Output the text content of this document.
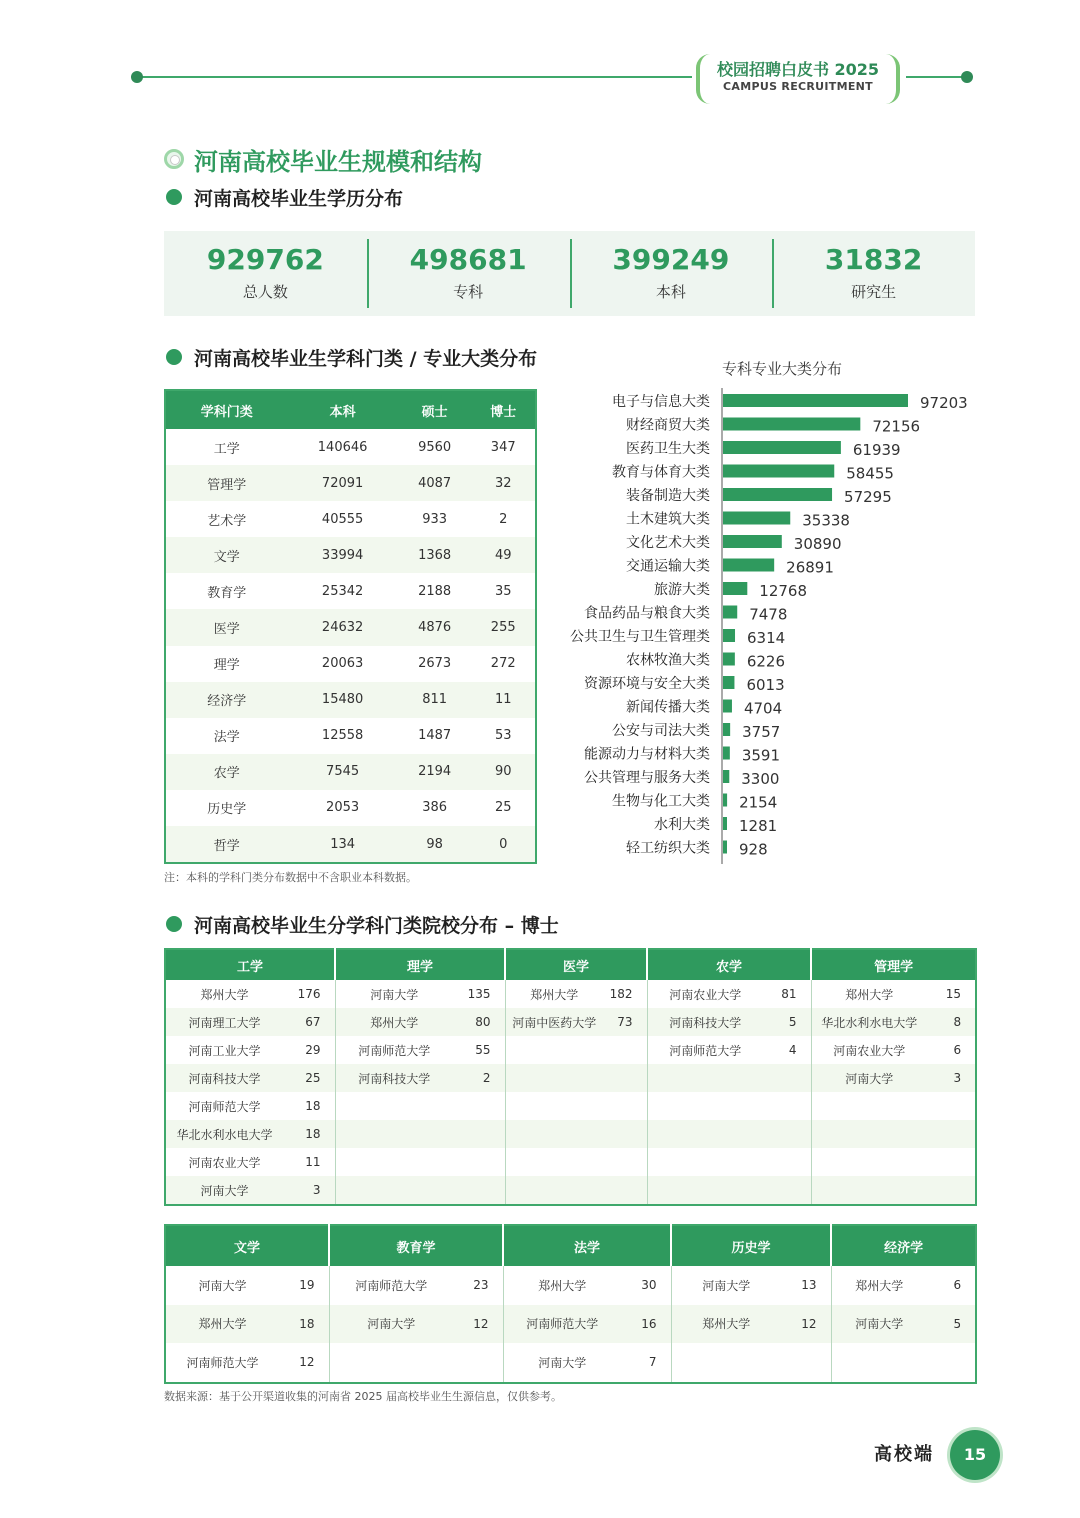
校园招聘白皮书 2025
CAMPUS RECRUITMENT
河南高校毕业生规模和结构
河南高校毕业生学历分布
929762
总人数
498681
专科
399249
本科
31832
研究生
河南高校毕业生学科门类 / 专业大类分布
学科门类	本科	硕士	博士
工学	140646	9560	347
管理学	72091	4087	32
艺术学	40555	933	2
文学	33994	1368	49
教育学	25342	2188	35
医学	24632	4876	255
理学	20063	2673	272
经济学	15480	811	11
法学	12558	1487	53
农学	7545	2194	90
历史学	2053	386	25
哲学	134	98	0
注：本科的学科门类分布数据中不含职业本科数据。
专科专业大类分布
电子与信息大类	97203
财经商贸大类	72156
医药卫生大类	61939
教育与体育大类	58455
装备制造大类	57295
土木建筑大类	35338
文化艺术大类	30890
交通运输大类	26891
旅游大类	12768
食品药品与粮食大类	7478
公共卫生与卫生管理类 6314
农林牧渔大类 6226
资源环境与安全大类 6013
新闻传播大类 4704
公安与司法大类 3757
能源动力与材料大类 3591
公共管理与服务大类 3300
生物与化工大类 2154
水利大类 1281
轻工纺织大类 928
河南高校毕业生分学科门类院校分布 – 博士
工学		理学		医学		农学		管理学	
郑州大学	176	河南大学	135	郑州大学	182	河南农业大学	81	郑州大学	15
河南理工大学	67	郑州大学	80	河南中医药大学	73	河南科技大学	5	华北水利水电大学	8
河南工业大学	29	河南师范大学	55			河南师范大学	4	河南农业大学	6
河南科技大学	25	河南科技大学	2					河南大学	3
河南师范大学	18								
华北水利水电大学	18								
河南农业大学	11								
河南大学	3								
文学		教育学		法学		历史学		经济学	
河南大学	19	河南师范大学	23	郑州大学	30	河南大学	13	郑州大学	6
郑州大学	18	河南大学	12	河南师范大学	16	郑州大学	12	河南大学	5
河南师范大学	12			河南大学	7				
数据来源：基于公开渠道收集的河南省 2025 届高校毕业生生源信息，仅供参考。
高校端	15
